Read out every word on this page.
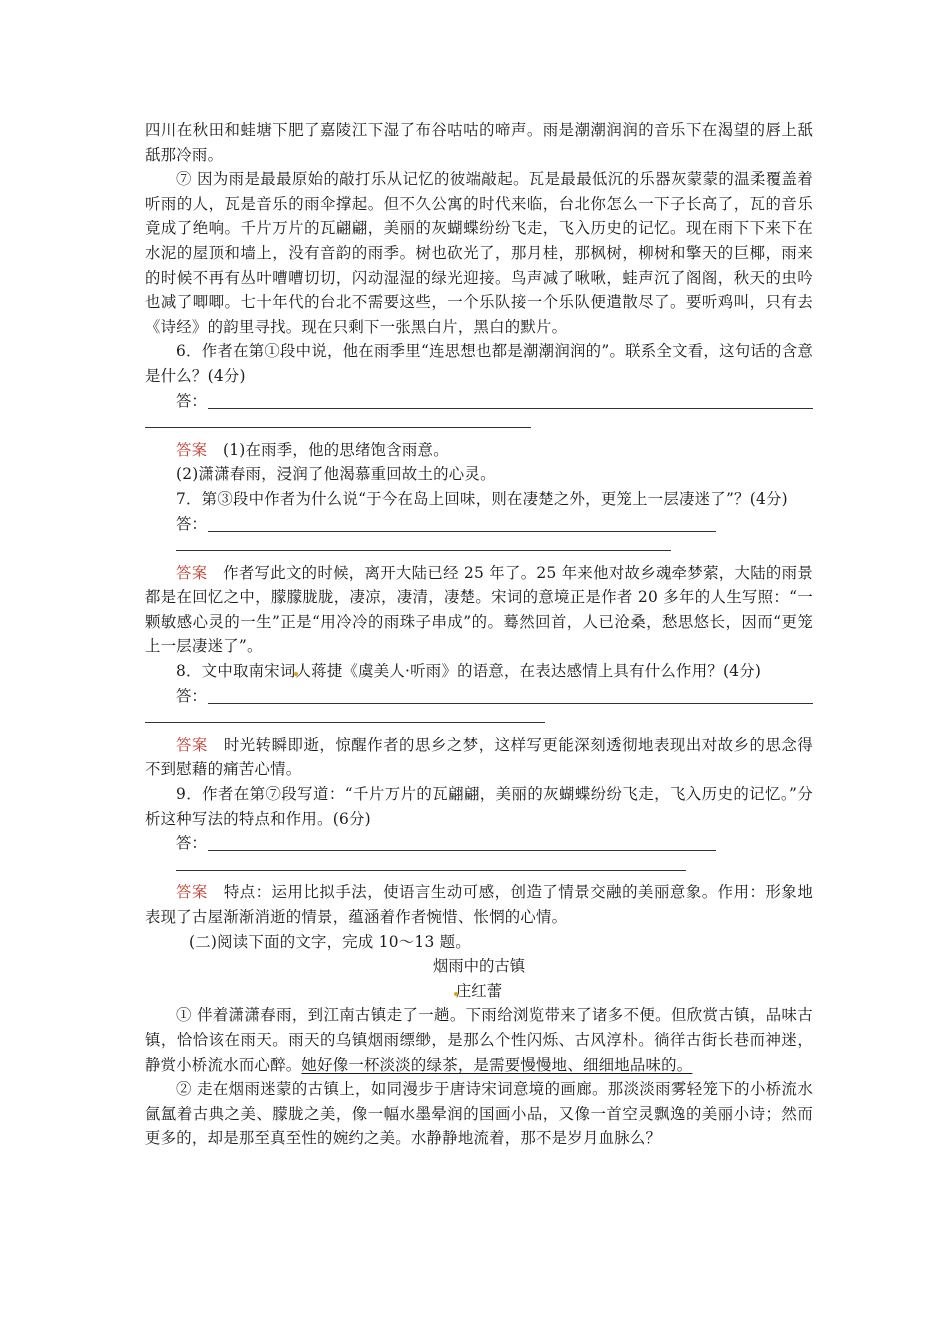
四川在秋田和蛙塘下肥了嘉陵江下湿了布谷咕咕的啼声。雨是潮潮润润的音乐下在渴望的唇上舐舐那冷雨。

⑦ 因为雨是最最原始的敲打乐从记忆的彼端敲起。瓦是最最低沉的乐器灰蒙蒙的温柔覆盖着听雨的人，瓦是音乐的雨伞撑起。但不久公寓的时代来临，台北你怎么一下子长高了，瓦的音乐竟成了绝响。千片万片的瓦翩翩，美丽的灰蝴蝶纷纷飞走，飞入历史的记忆。现在雨下下来下在水泥的屋顶和墙上，没有音韵的雨季。树也砍光了，那月桂，那枫树，柳树和擎天的巨椰，雨来的时候不再有丛叶嘈嘈切切，闪动湿湿的绿光迎接。鸟声减了啾啾，蛙声沉了阁阁，秋天的虫吟也减了唧唧。七十年代的台北不需要这些，一个乐队接一个乐队便遣散尽了。要听鸡叫，只有去《诗经》的韵里寻找。现在只剩下一张黑白片，黑白的默片。

6．作者在第①段中说，他在雨季里“连思想也都是潮潮润润的”。联系全文看，这句话的含意是什么？(4分)

答：

答案　 (1)在雨季，他的思绪饱含雨意。

(2)潇潇春雨，浸润了他渴慕重回故土的心灵。

7．第③段中作者为什么说“于今在岛上回味，则在凄楚之外，更笼上一层凄迷了”？(4分)

答：

答案　 作者写此文的时候，离开大陆已经 25 年了。25 年来他对故乡魂牵梦萦，大陆的雨景都是在回忆之中，朦朦胧胧，凄凉，凄清，凄楚。宋词的意境正是作者 20 多年的人生写照：“一颗敏感心灵的一生”正是“用冷冷的雨珠子串成”的。蓦然回首，人已沧桑，愁思悠长，因而“更笼上一层凄迷了”。

8．文中取南宋词人蒋捷《虞美人·听雨》的语意，在表达感情上具有什么作用？(4分)

答：

答案　 时光转瞬即逝，惊醒作者的思乡之梦，这样写更能深刻透彻地表现出对故乡的思念得不到慰藉的痛苦心情。

9．作者在第⑦段写道：“千片万片的瓦翩翩，美丽的灰蝴蝶纷纷飞走，飞入历史的记忆。”分析这种写法的特点和作用。(6分)

答：

答案　 特点：运用比拟手法，使语言生动可感，创造了情景交融的美丽意象。作用：形象地表现了古屋渐渐消逝的情景，蕴涵着作者惋惜、怅惘的心情。

(二)阅读下面的文字，完成 10～13 题。

烟雨中的古镇

庄红蕾

① 伴着潇潇春雨，到江南古镇走了一趟。下雨给浏览带来了诸多不便。但欣赏古镇，品味古镇，恰恰该在雨天。雨天的乌镇烟雨缥缈，是那么个性闪烁、古风淳朴。徜徉古街长巷而神迷，静赏小桥流水而心醉。她好像一杯淡淡的绿茶，是需要慢慢地、细细地品味的。

② 走在烟雨迷蒙的古镇上，如同漫步于唐诗宋词意境的画廊。那淡淡雨雾轻笼下的小桥流水氤氲着古典之美、朦胧之美，像一幅水墨晕润的国画小品，又像一首空灵飘逸的美丽小诗；然而更多的，却是那至真至性的婉约之美。水静静地流着，那不是岁月血脉么？
